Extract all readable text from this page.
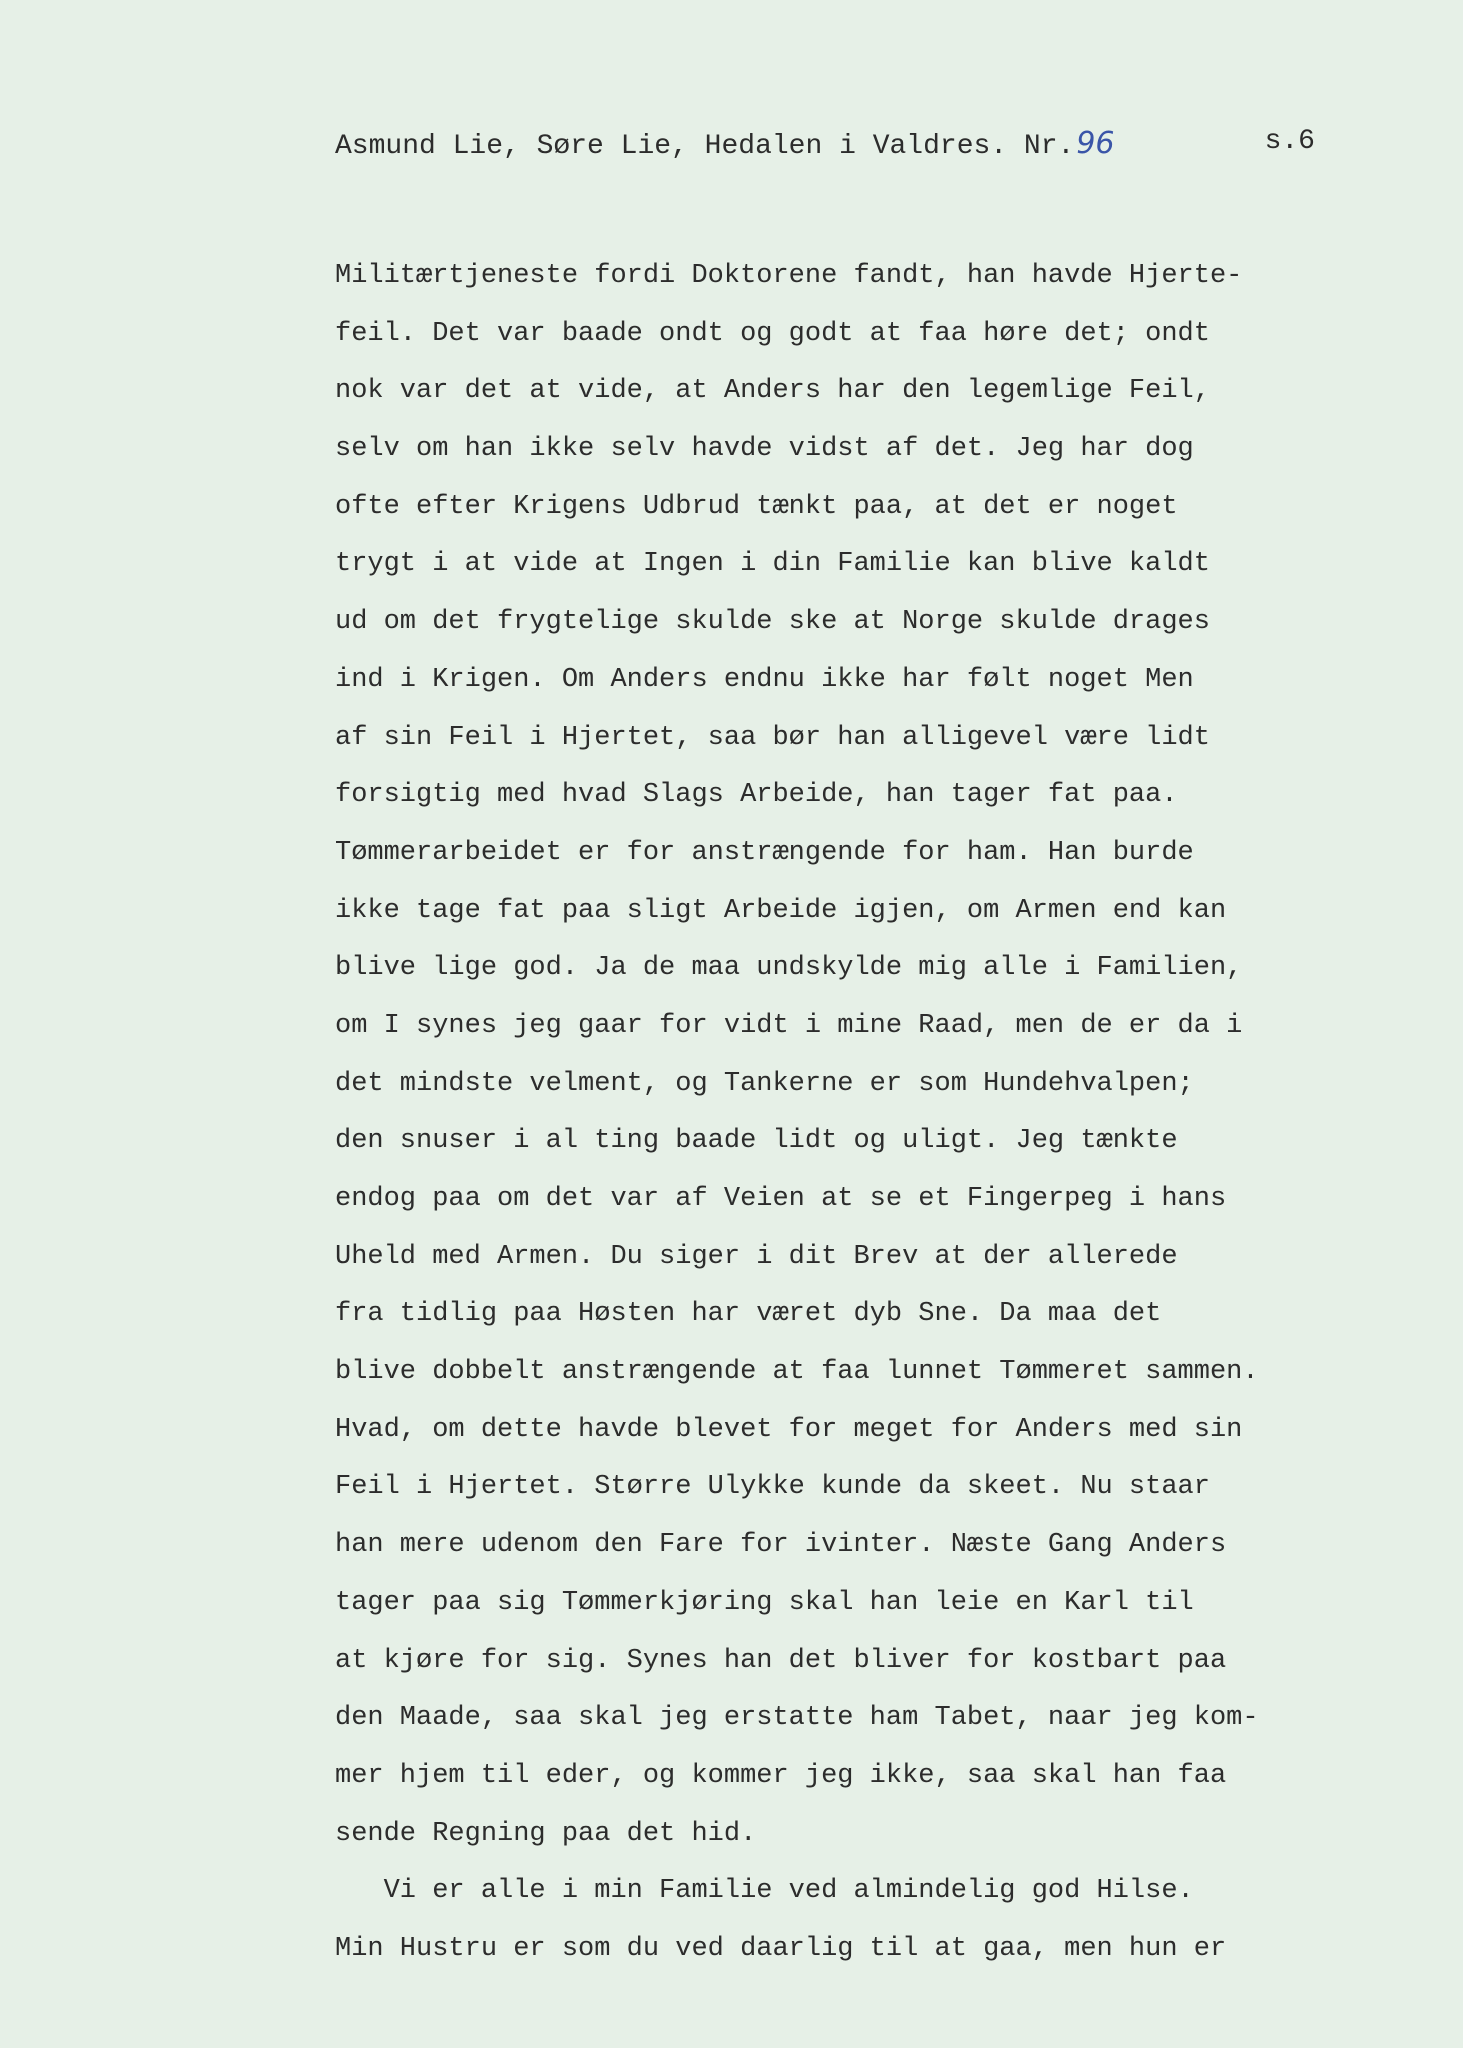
Asmund Lie, Søre Lie, Hedalen i Valdres. Nr.96

	s.6

Militærtjeneste fordi Doktorene fandt, han havde Hjerte-
feil. Det var baade ondt og godt at faa høre det; ondt
nok var det at vide, at Anders har den legemlige Feil,
selv om han ikke selv havde vidst af det. Jeg har dog
ofte efter Krigens Udbrud tænkt paa, at det er noget
trygt i at vide at Ingen i din Familie kan blive kaldt
ud om det frygtelige skulde ske at Norge skulde drages
ind i Krigen. Om Anders endnu ikke har følt noget Men
af sin Feil i Hjertet, saa bør han alligevel være lidt
forsigtig med hvad Slags Arbeide, han tager fat paa.
Tømmerarbeidet er for anstrængende for ham. Han burde
ikke tage fat paa sligt Arbeide igjen, om Armen end kan
blive lige god. Ja de maa undskylde mig alle i Familien,
om I synes jeg gaar for vidt i mine Raad, men de er da i
det mindste velment, og Tankerne er som Hundehvalpen;
den snuser i al ting baade lidt og uligt. Jeg tænkte
endog paa om det var af Veien at se et Fingerpeg i hans
Uheld med Armen. Du siger i dit Brev at der allerede
fra tidlig paa Høsten har været dyb Sne. Da maa det
blive dobbelt anstrængende at faa lunnet Tømmeret sammen.
Hvad, om dette havde blevet for meget for Anders med sin
Feil i Hjertet. Større Ulykke kunde da skeet. Nu staar
han mere udenom den Fare for ivinter. Næste Gang Anders
tager paa sig Tømmerkjøring skal han leie en Karl til
at kjøre for sig. Synes han det bliver for kostbart paa
den Maade, saa skal jeg erstatte ham Tabet, naar jeg kom-
mer hjem til eder, og kommer jeg ikke, saa skal han faa
sende Regning paa det hid.
Vi er alle i min Familie ved almindelig god Hilse.
Min Hustru er som du ved daarlig til at gaa, men hun er
